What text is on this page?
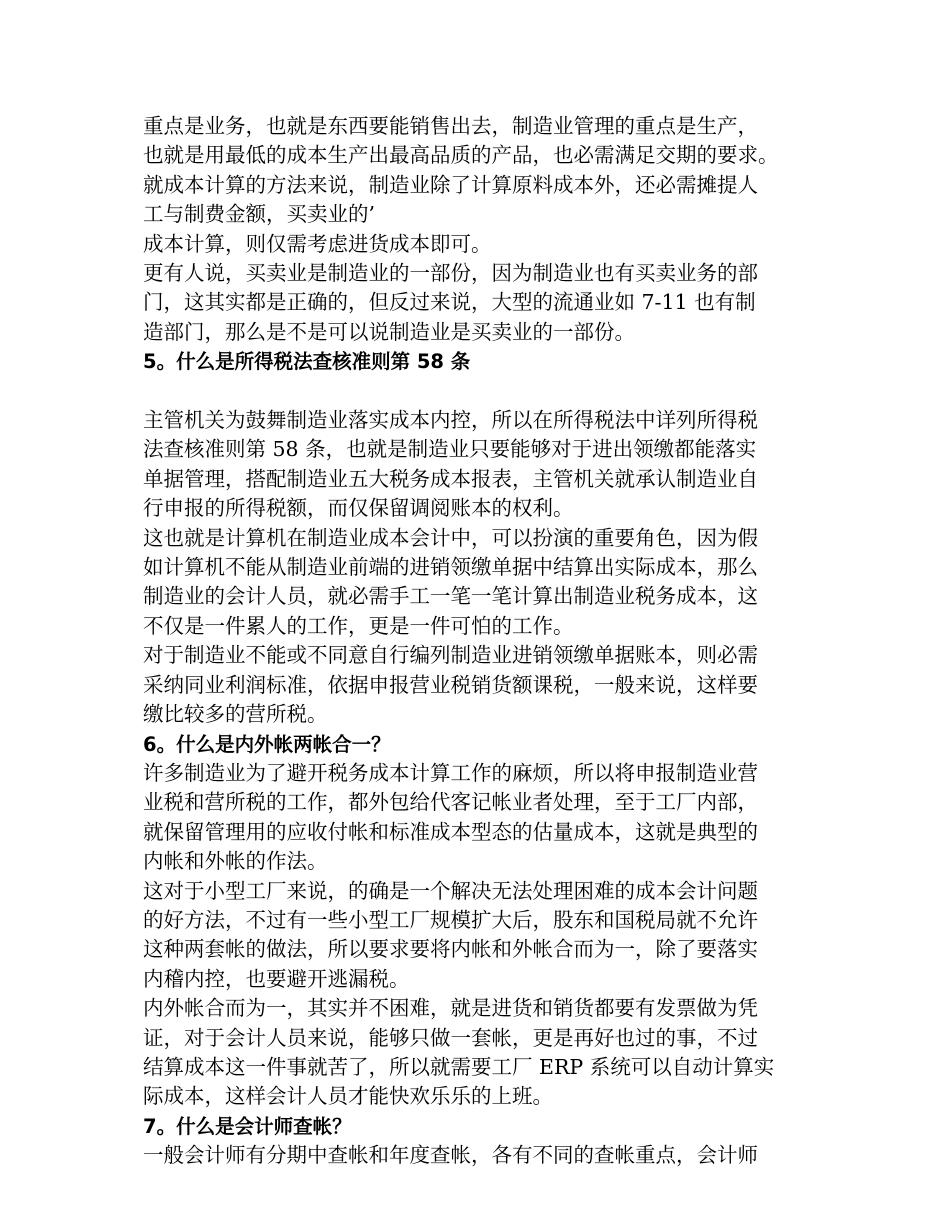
重点是业务，也就是东西要能销售出去，制造业管理的重点是生产，
也就是用最低的成本生产出最高品质的产品，也必需满足交期的要求。
就成本计算的方法来说，制造业除了计算原料成本外，还必需摊提人
工与制费金额，买卖业的’
成本计算，则仅需考虑进货成本即可。
更有人说，买卖业是制造业的一部份，因为制造业也有买卖业务的部
门，这其实都是正确的，但反过来说，大型的流通业如 7-11 也有制
造部门，那么是不是可以说制造业是买卖业的一部份。
5。什么是所得税法查核准则第 58 条
主管机关为鼓舞制造业落实成本内控，所以在所得税法中详列所得税
法查核准则第 58 条，也就是制造业只要能够对于进出领缴都能落实
单据管理，搭配制造业五大税务成本报表，主管机关就承认制造业自
行申报的所得税额，而仅保留调阅账本的权利。
这也就是计算机在制造业成本会计中，可以扮演的重要角色，因为假
如计算机不能从制造业前端的进销领缴单据中结算出实际成本，那么
制造业的会计人员，就必需手工一笔一笔计算出制造业税务成本，这
不仅是一件累人的工作，更是一件可怕的工作。
对于制造业不能或不同意自行编列制造业进销领缴单据账本，则必需
采纳同业利润标准，依据申报营业税销货额课税，一般来说，这样要
缴比较多的营所税。
6。什么是内外帐两帐合一？
许多制造业为了避开税务成本计算工作的麻烦，所以将申报制造业营
业税和营所税的工作，都外包给代客记帐业者处理，至于工厂内部，
就保留管理用的应收付帐和标准成本型态的估量成本，这就是典型的
内帐和外帐的作法。
这对于小型工厂来说，的确是一个解决无法处理困难的成本会计问题
的好方法，不过有一些小型工厂规模扩大后，股东和国税局就不允许
这种两套帐的做法，所以要求要将内帐和外帐合而为一，除了要落实
内稽内控，也要避开逃漏税。
内外帐合而为一，其实并不困难，就是进货和销货都要有发票做为凭
证，对于会计人员来说，能够只做一套帐，更是再好也过的事，不过
结算成本这一件事就苦了，所以就需要工厂 ERP 系统可以自动计算实
际成本，这样会计人员才能快欢乐乐的上班。
7。什么是会计师查帐？
一般会计师有分期中查帐和年度查帐，各有不同的查帐重点，会计师
